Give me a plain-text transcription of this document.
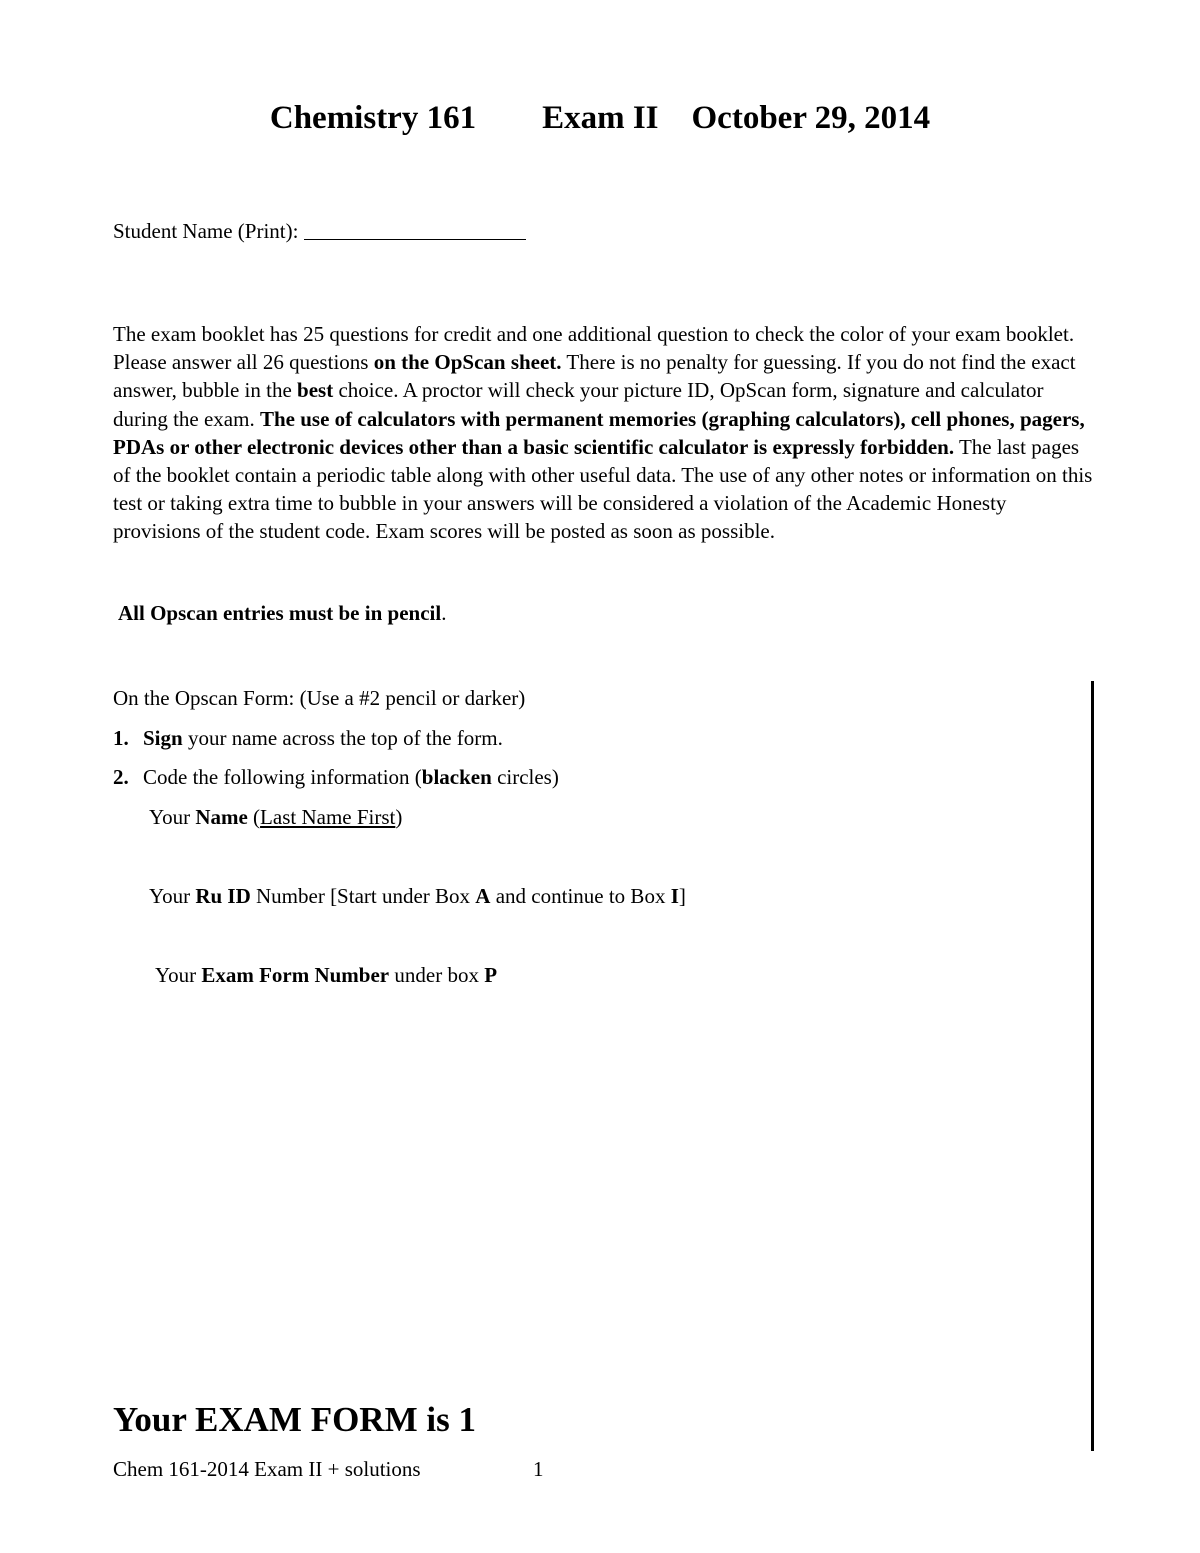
Chemistry 161 Exam II October 29, 2014
Student Name (Print):
The exam booklet has 25 questions for credit and one additional question to check the color of your exam booklet. Please answer all 26 questions on the OpScan sheet. There is no penalty for guessing. If you do not find the exact answer, bubble in the best choice. A proctor will check your picture ID, OpScan form, signature and calculator during the exam. The use of calculators with permanent memories (graphing calculators), cell phones, pagers, PDAs or other electronic devices other than a basic scientific calculator is expressly forbidden. The last pages of the booklet contain a periodic table along with other useful data. The use of any other notes or information on this test or taking extra time to bubble in your answers will be considered a violation of the Academic Honesty provisions of the student code. Exam scores will be posted as soon as possible.
All Opscan entries must be in pencil.
On the Opscan Form: (Use a #2 pencil or darker)
1. Sign your name across the top of the form.
2. Code the following information (blacken circles)
Your Name (Last Name First)
Your Ru ID Number [Start under Box A and continue to Box I]
Your Exam Form Number under box P
Your EXAM FORM is 1
Chem 161-2014 Exam II + solutions	1
